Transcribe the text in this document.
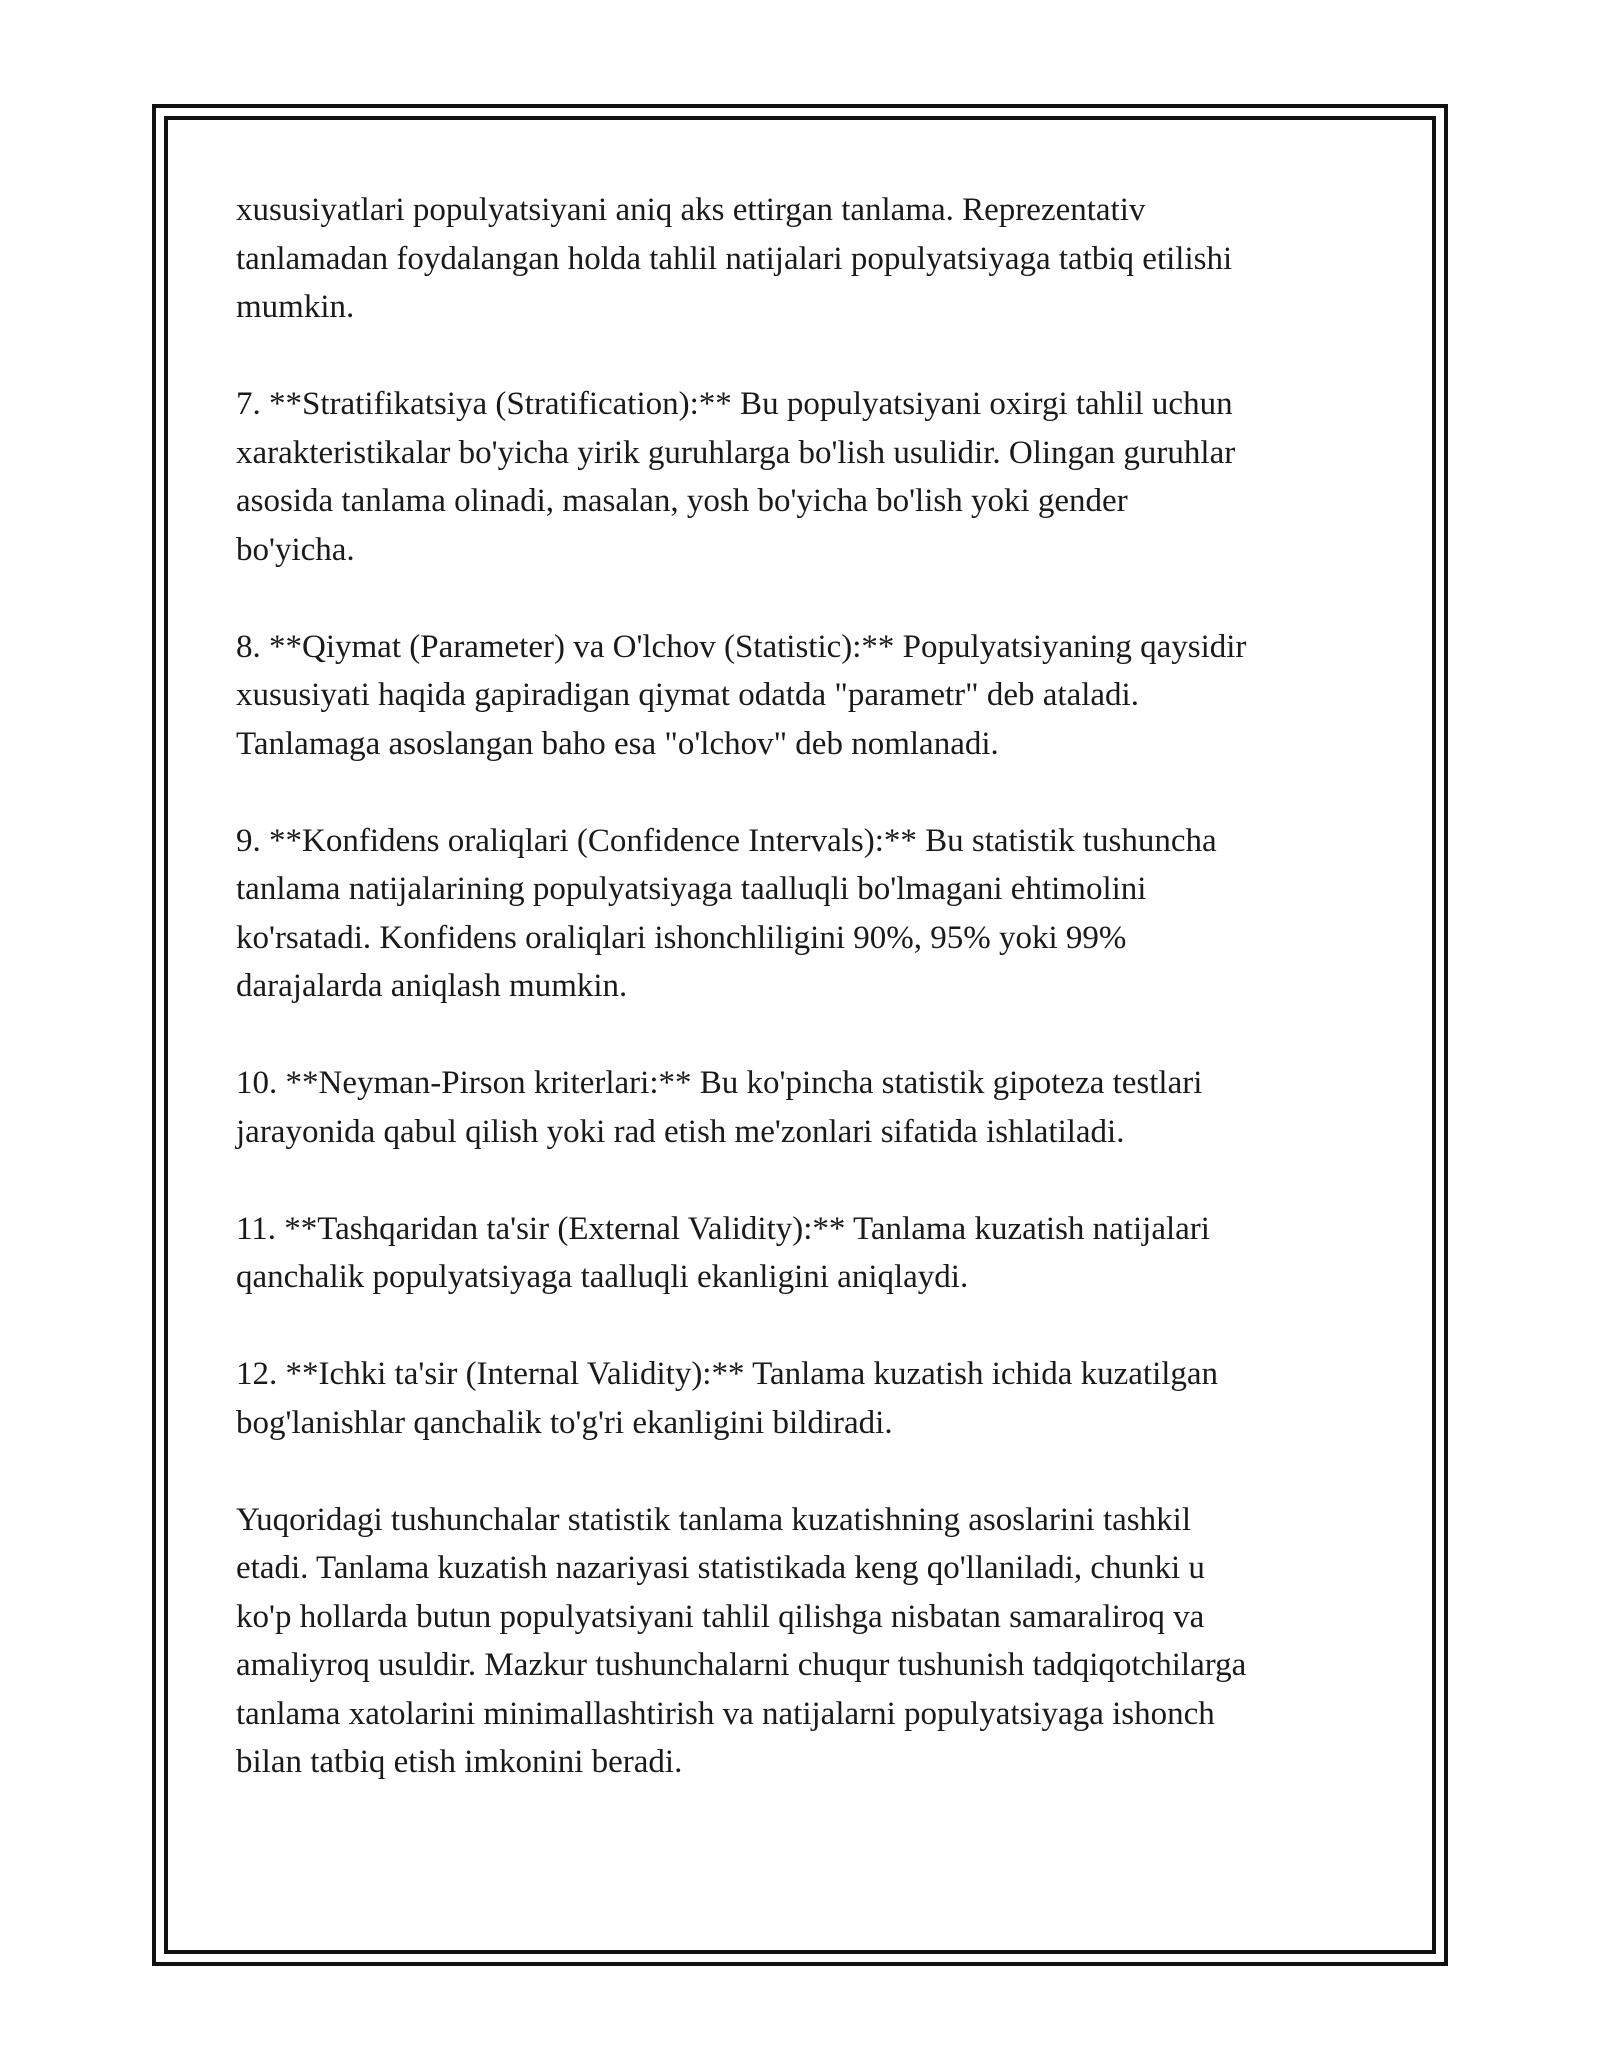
xususiyatlari populyatsiyani aniq aks ettirgan tanlama. Reprezentativ
tanlamadan foydalangan holda tahlil natijalari populyatsiyaga tatbiq etilishi
mumkin.

7. **Stratifikatsiya (Stratification):** Bu populyatsiyani oxirgi tahlil uchun
xarakteristikalar bo'yicha yirik guruhlarga bo'lish usulidir. Olingan guruhlar
asosida tanlama olinadi, masalan, yosh bo'yicha bo'lish yoki gender
bo'yicha.

8. **Qiymat (Parameter) va O'lchov (Statistic):** Populyatsiyaning qaysidir
xususiyati haqida gapiradigan qiymat odatda "parametr" deb ataladi.
Tanlamaga asoslangan baho esa "o'lchov" deb nomlanadi.

9. **Konfidens oraliqlari (Confidence Intervals):** Bu statistik tushuncha
tanlama natijalarining populyatsiyaga taalluqli bo'lmagani ehtimolini
ko'rsatadi. Konfidens oraliqlari ishonchliligini 90%, 95% yoki 99%
darajalarda aniqlash mumkin.

10. **Neyman-Pirson kriterlari:** Bu ko'pincha statistik gipoteza testlari
jarayonida qabul qilish yoki rad etish me'zonlari sifatida ishlatiladi.

11. **Tashqaridan ta'sir (External Validity):** Tanlama kuzatish natijalari
qanchalik populyatsiyaga taalluqli ekanligini aniqlaydi.

12. **Ichki ta'sir (Internal Validity):** Tanlama kuzatish ichida kuzatilgan
bog'lanishlar qanchalik to'g'ri ekanligini bildiradi.

Yuqoridagi tushunchalar statistik tanlama kuzatishning asoslarini tashkil
etadi. Tanlama kuzatish nazariyasi statistikada keng qo'llaniladi, chunki u
ko'p hollarda butun populyatsiyani tahlil qilishga nisbatan samaraliroq va
amaliyroq usuldir. Mazkur tushunchalarni chuqur tushunish tadqiqotchilarga
tanlama xatolarini minimallashtirish va natijalarni populyatsiyaga ishonch
bilan tatbiq etish imkonini beradi.
